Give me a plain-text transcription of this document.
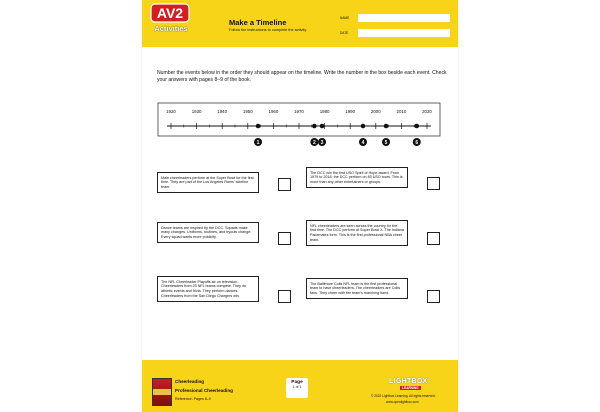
AV2
Activities
Make a Timeline
Follow the instructions to complete the activity.
NAME
DATE
Number the events below in the order they should appear on the timeline. Write the number in the box beside each event. Check your answers with pages 8–9 of the book.
1920	1930	1940	1950	1960	1970	1980	1990	2000	2010	2020
1	2 3	4	5	6
Male cheerleaders perform at the Super Bowl for the first time. They are part of the Los Angeles Rams' sideline team.
The DCC win the first USO Spirit of Hope award. From 1979 to 2018, the DCC perform on 83 USO tours. This is more than any other entertainers or groups.
Dance teams are inspired by the DCC. Squads make many changes. Uniforms, routines, and tryouts change. Every squad wants more publicity.
NFL cheerleaders are seen across the country for the first time. The DCC perform at Super Bowl X. The Indiana Pacemates form. This is the first professional NBA cheer team.
The NFL Cheerleader Playoffs air on television. Cheerleaders from 25 NFL teams compete. They do athletic events and trivia. They perform dances. Cheerleaders from the San Diego Chargers win.
The Baltimore Colts NFL team is the first professional team to have cheerleaders. The cheerleaders are Colts fans. They cheer with the team's marching band.
Cheerleading
Professional Cheerleading
Reference: Pages 8–9
Page
1 of 1
LIGHTBOX
LEARNING
© 2022 Lightbox Learning. All rights reserved.
www.openlightbox.com
